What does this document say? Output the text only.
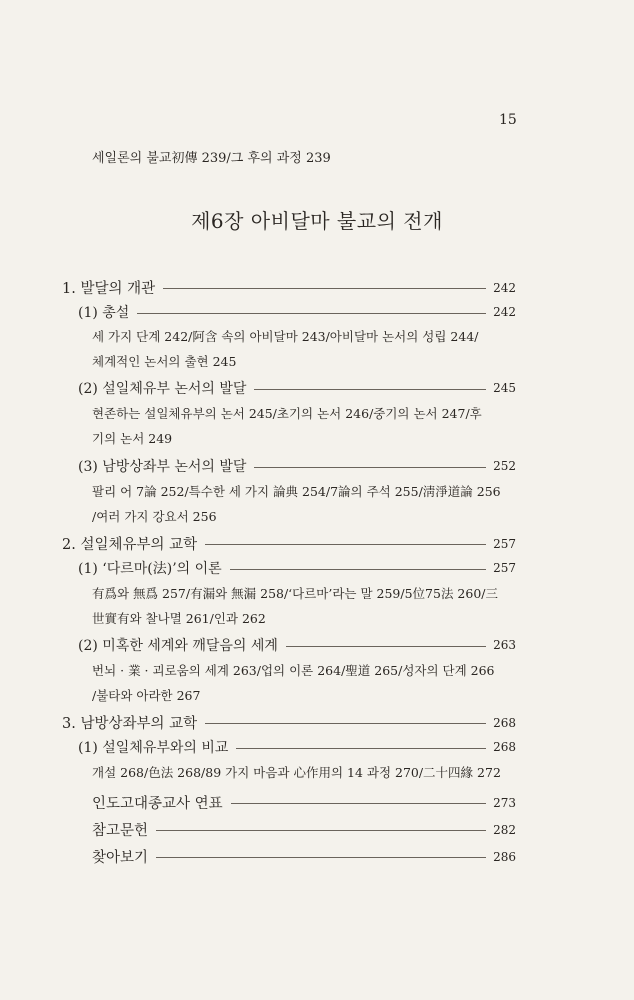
15
세일론의 불교初傳 239/그 후의 과정 239
제6장 아비달마 불교의 전개
1. 발달의 개관	242
(1) 총설	242
세 가지 단계 242/阿含 속의 아비달마 243/아비달마 논서의 성립 244/
체계적인 논서의 출현 245
(2) 설일체유부 논서의 발달	245
현존하는 설일체유부의 논서 245/초기의 논서 246/중기의 논서 247/후
기의 논서 249
(3) 남방상좌부 논서의 발달	252
팔리 어 7論 252/특수한 세 가지 論典 254/7論의 주석 255/淸淨道論 256
/여러 가지 강요서 256
2. 설일체유부의 교학	257
(1) ‘다르마(法)’의 이론	257
有爲와 無爲 257/有漏와 無漏 258/‘다르마’라는 말 259/5位75法 260/三
世實有와 찰나멸 261/인과 262
(2) 미혹한 세계와 깨달음의 세계	263
번뇌 · 業 · 괴로움의 세계 263/업의 이론 264/聖道 265/성자의 단계 266
/불타와 아라한 267
3. 남방상좌부의 교학	268
(1) 설일체유부와의 비교	268
개설 268/色法 268/89 가지 마음과 心作用의 14 과정 270/二十四緣 272
인도고대종교사 연표	273
참고문헌	282
찾아보기	286
